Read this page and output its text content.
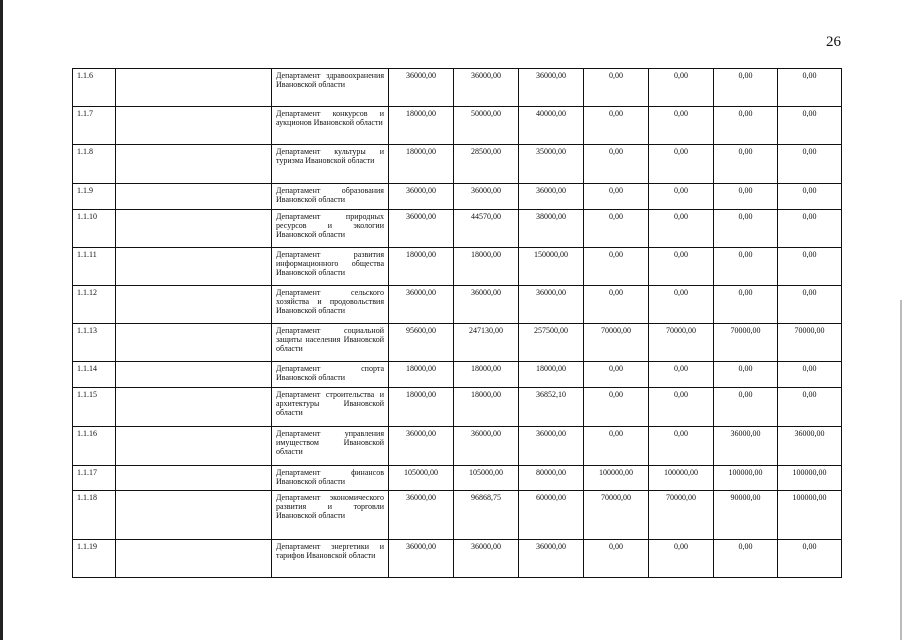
26
1.1.6		Департамент здравоохранения Ивановской области	36000,00	36000,00	36000,00	0,00	0,00	0,00	0,00
1.1.7		Департамент конкурсов и аукционов Ивановской области	18000,00	50000,00	40000,00	0,00	0,00	0,00	0,00
1.1.8		Департамент культуры и туризма Ивановской области	18000,00	28500,00	35000,00	0,00	0,00	0,00	0,00
1.1.9		Департамент образования Ивановской области	36000,00	36000,00	36000,00	0,00	0,00	0,00	0,00
1.1.10		Департамент природных ресурсов и экологии Ивановской области	36000,00	44570,00	38000,00	0,00	0,00	0,00	0,00
1.1.11		Департамент развития информационного общества Ивановской области	18000,00	18000,00	150000,00	0,00	0,00	0,00	0,00
1.1.12		Департамент сельского хозяйства и продовольствия Ивановской области	36000,00	36000,00	36000,00	0,00	0,00	0,00	0,00
1.1.13		Департамент социальной защиты населения Ивановской области	95600,00	247130,00	257500,00	70000,00	70000,00	70000,00	70000,00
1.1.14		Департамент спорта Ивановской области	18000,00	18000,00	18000,00	0,00	0,00	0,00	0,00
1.1.15		Департамент строительства и архитектуры Ивановской области	18000,00	18000,00	36852,10	0,00	0,00	0,00	0,00
1.1.16		Департамент управления имуществом Ивановской области	36000,00	36000,00	36000,00	0,00	0,00	36000,00	36000,00
1.1.17		Департамент финансов Ивановской области	105000,00	105000,00	80000,00	100000,00	100000,00	100000,00	100000,00
1.1.18		Департамент экономического развития и торговли Ивановской области	36000,00	96868,75	60000,00	70000,00	70000,00	90000,00	100000,00
1.1.19		Департамент энергетики и тарифов Ивановской области	36000,00	36000,00	36000,00	0,00	0,00	0,00	0,00
